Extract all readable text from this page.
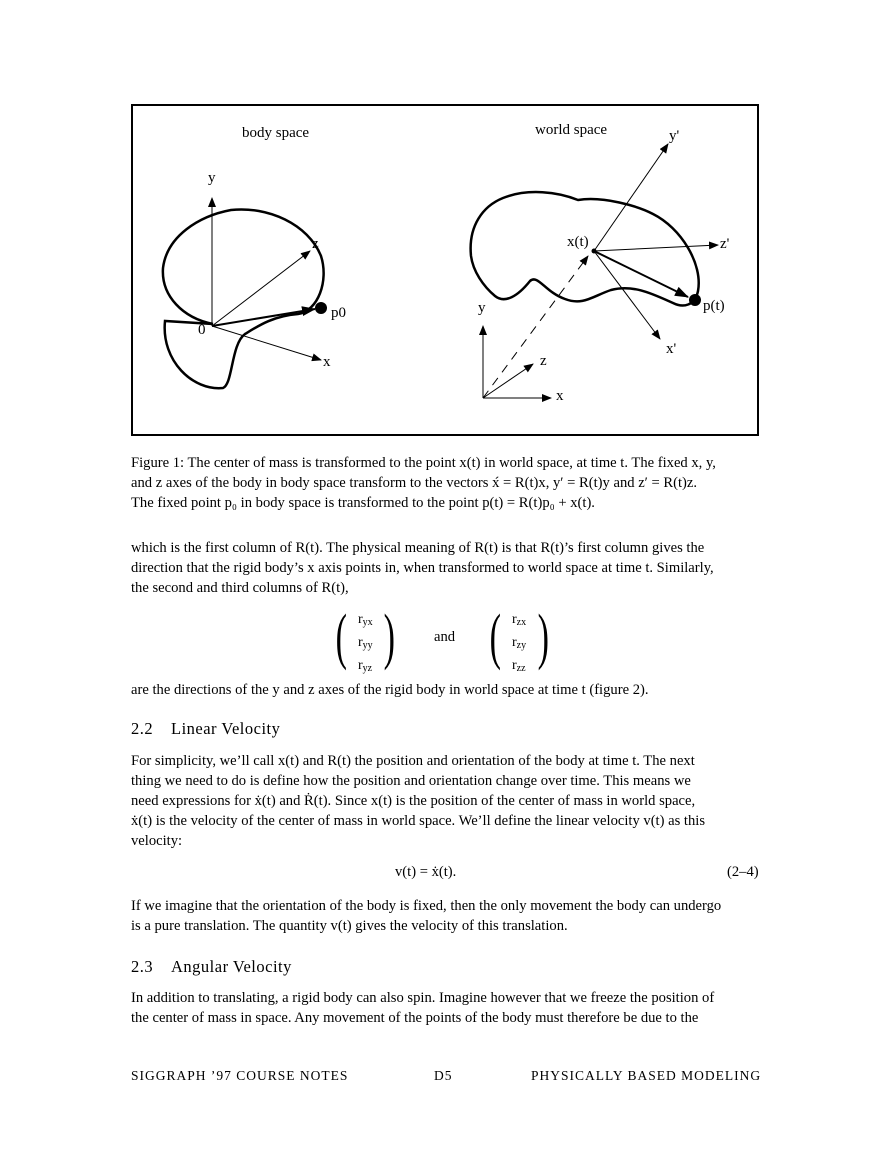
body space	world space
y
z
x
0
p0	y
z
x
y'
z'
x'
x(t)
p(t)

Figure 1: The center of mass is transformed to the point x(t) in world space, at time t. The fixed x, y,

and z axes of the body in body space transform to the vectors x́ = R(t)x, y′ = R(t)y and z′ = R(t)z.

The fixed point p₀ in body space is transformed to the point p(t) = R(t)p₀ + x(t).

which is the first column of R(t). The physical meaning of R(t) is that R(t)’s first column gives the

direction that the rigid body’s x axis points in, when transformed to world space at time t. Similarly,

the second and third columns of R(t),

( $r_{yx}$
$r_{yy}$
$r_{yz}$ )	and ( $r_{zx}$
$r_{zy}$
$r_{zz}$ )

are the directions of the y and z axes of the rigid body in world space at time t (figure 2).

2.2 Linear Velocity

For simplicity, we’ll call x(t) and R(t) the position and orientation of the body at time t. The next

thing we need to do is define how the position and orientation change over time. This means we

need expressions for ẋ(t) and Ṙ(t). Since x(t) is the position of the center of mass in world space,

ẋ(t) is the velocity of the center of mass in world space. We’ll define the linear velocity v(t) as this

velocity:

v(t) = ẋ(t).	(2–4)

If we imagine that the orientation of the body is fixed, then the only movement the body can undergo

is a pure translation. The quantity v(t) gives the velocity of this translation.

2.3 Angular Velocity

In addition to translating, a rigid body can also spin. Imagine however that we freeze the position of

the center of mass in space. Any movement of the points of the body must therefore be due to the

SIGGRAPH ’97 COURSE NOTES	D5	PHYSICALLY BASED MODELING
